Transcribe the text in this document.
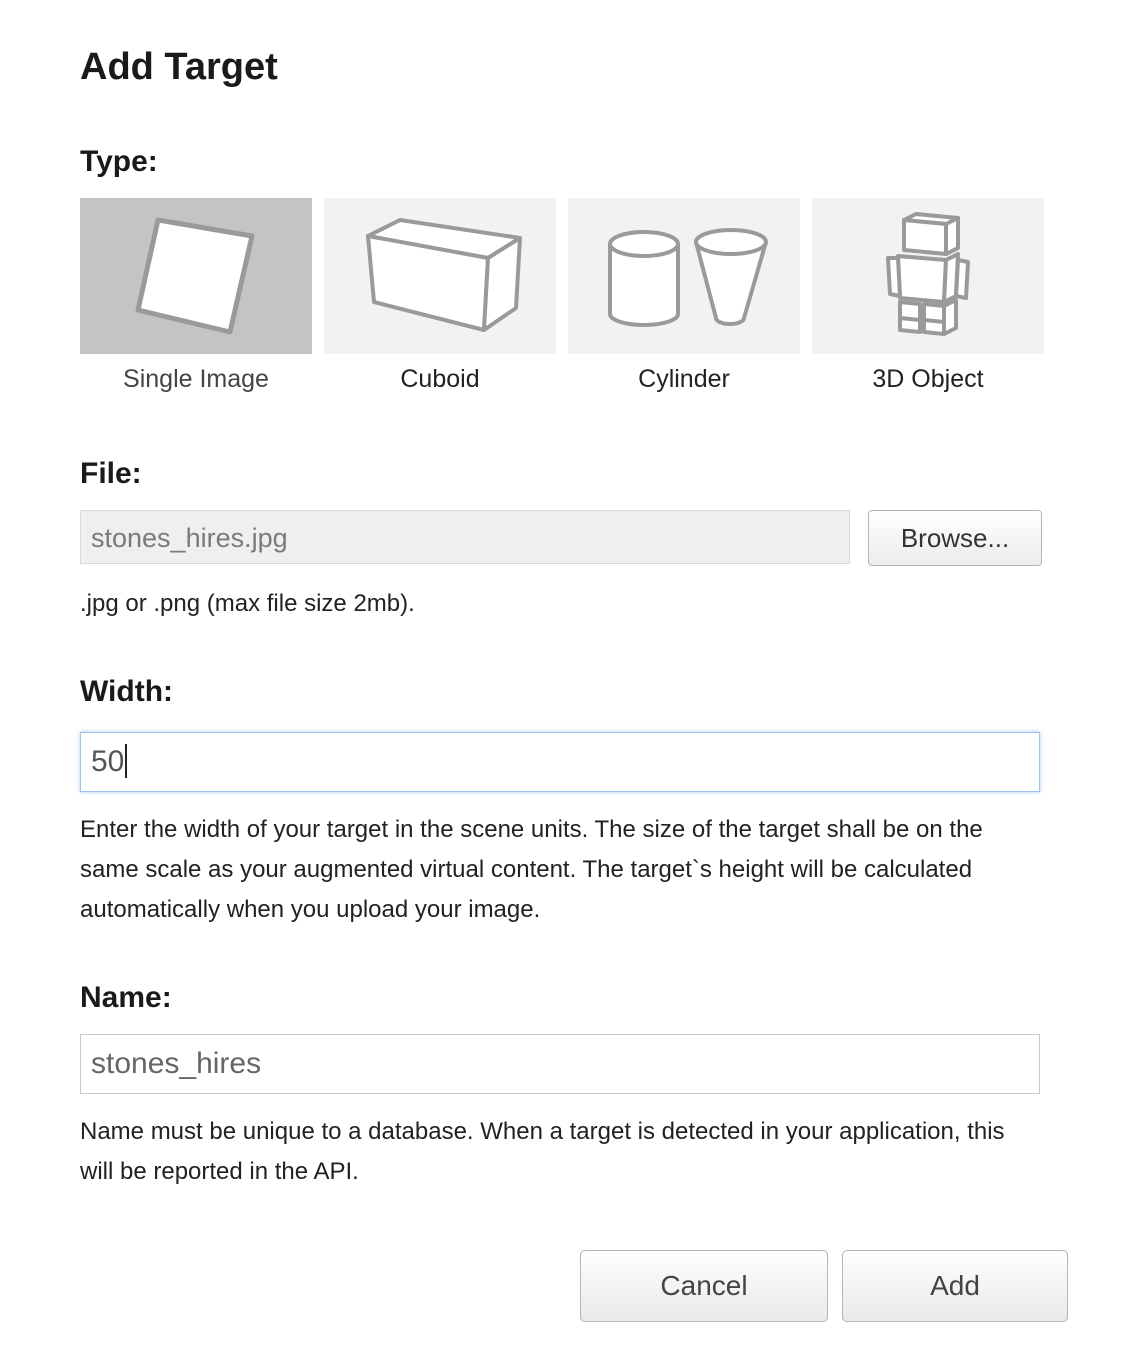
Add Target
Type:
Single Image	Cuboid	Cylinder	3D Object
File:
stones_hires.jpg	Browse...
.jpg or .png (max file size 2mb).
Width:
50
Enter the width of your target in the scene units. The size of the target shall be on the same scale as your augmented virtual content. The target`s height will be calculated automatically when you upload your image.
Name:
stones_hires
Name must be unique to a database. When a target is detected in your application, this will be reported in the API.
Cancel	Add
